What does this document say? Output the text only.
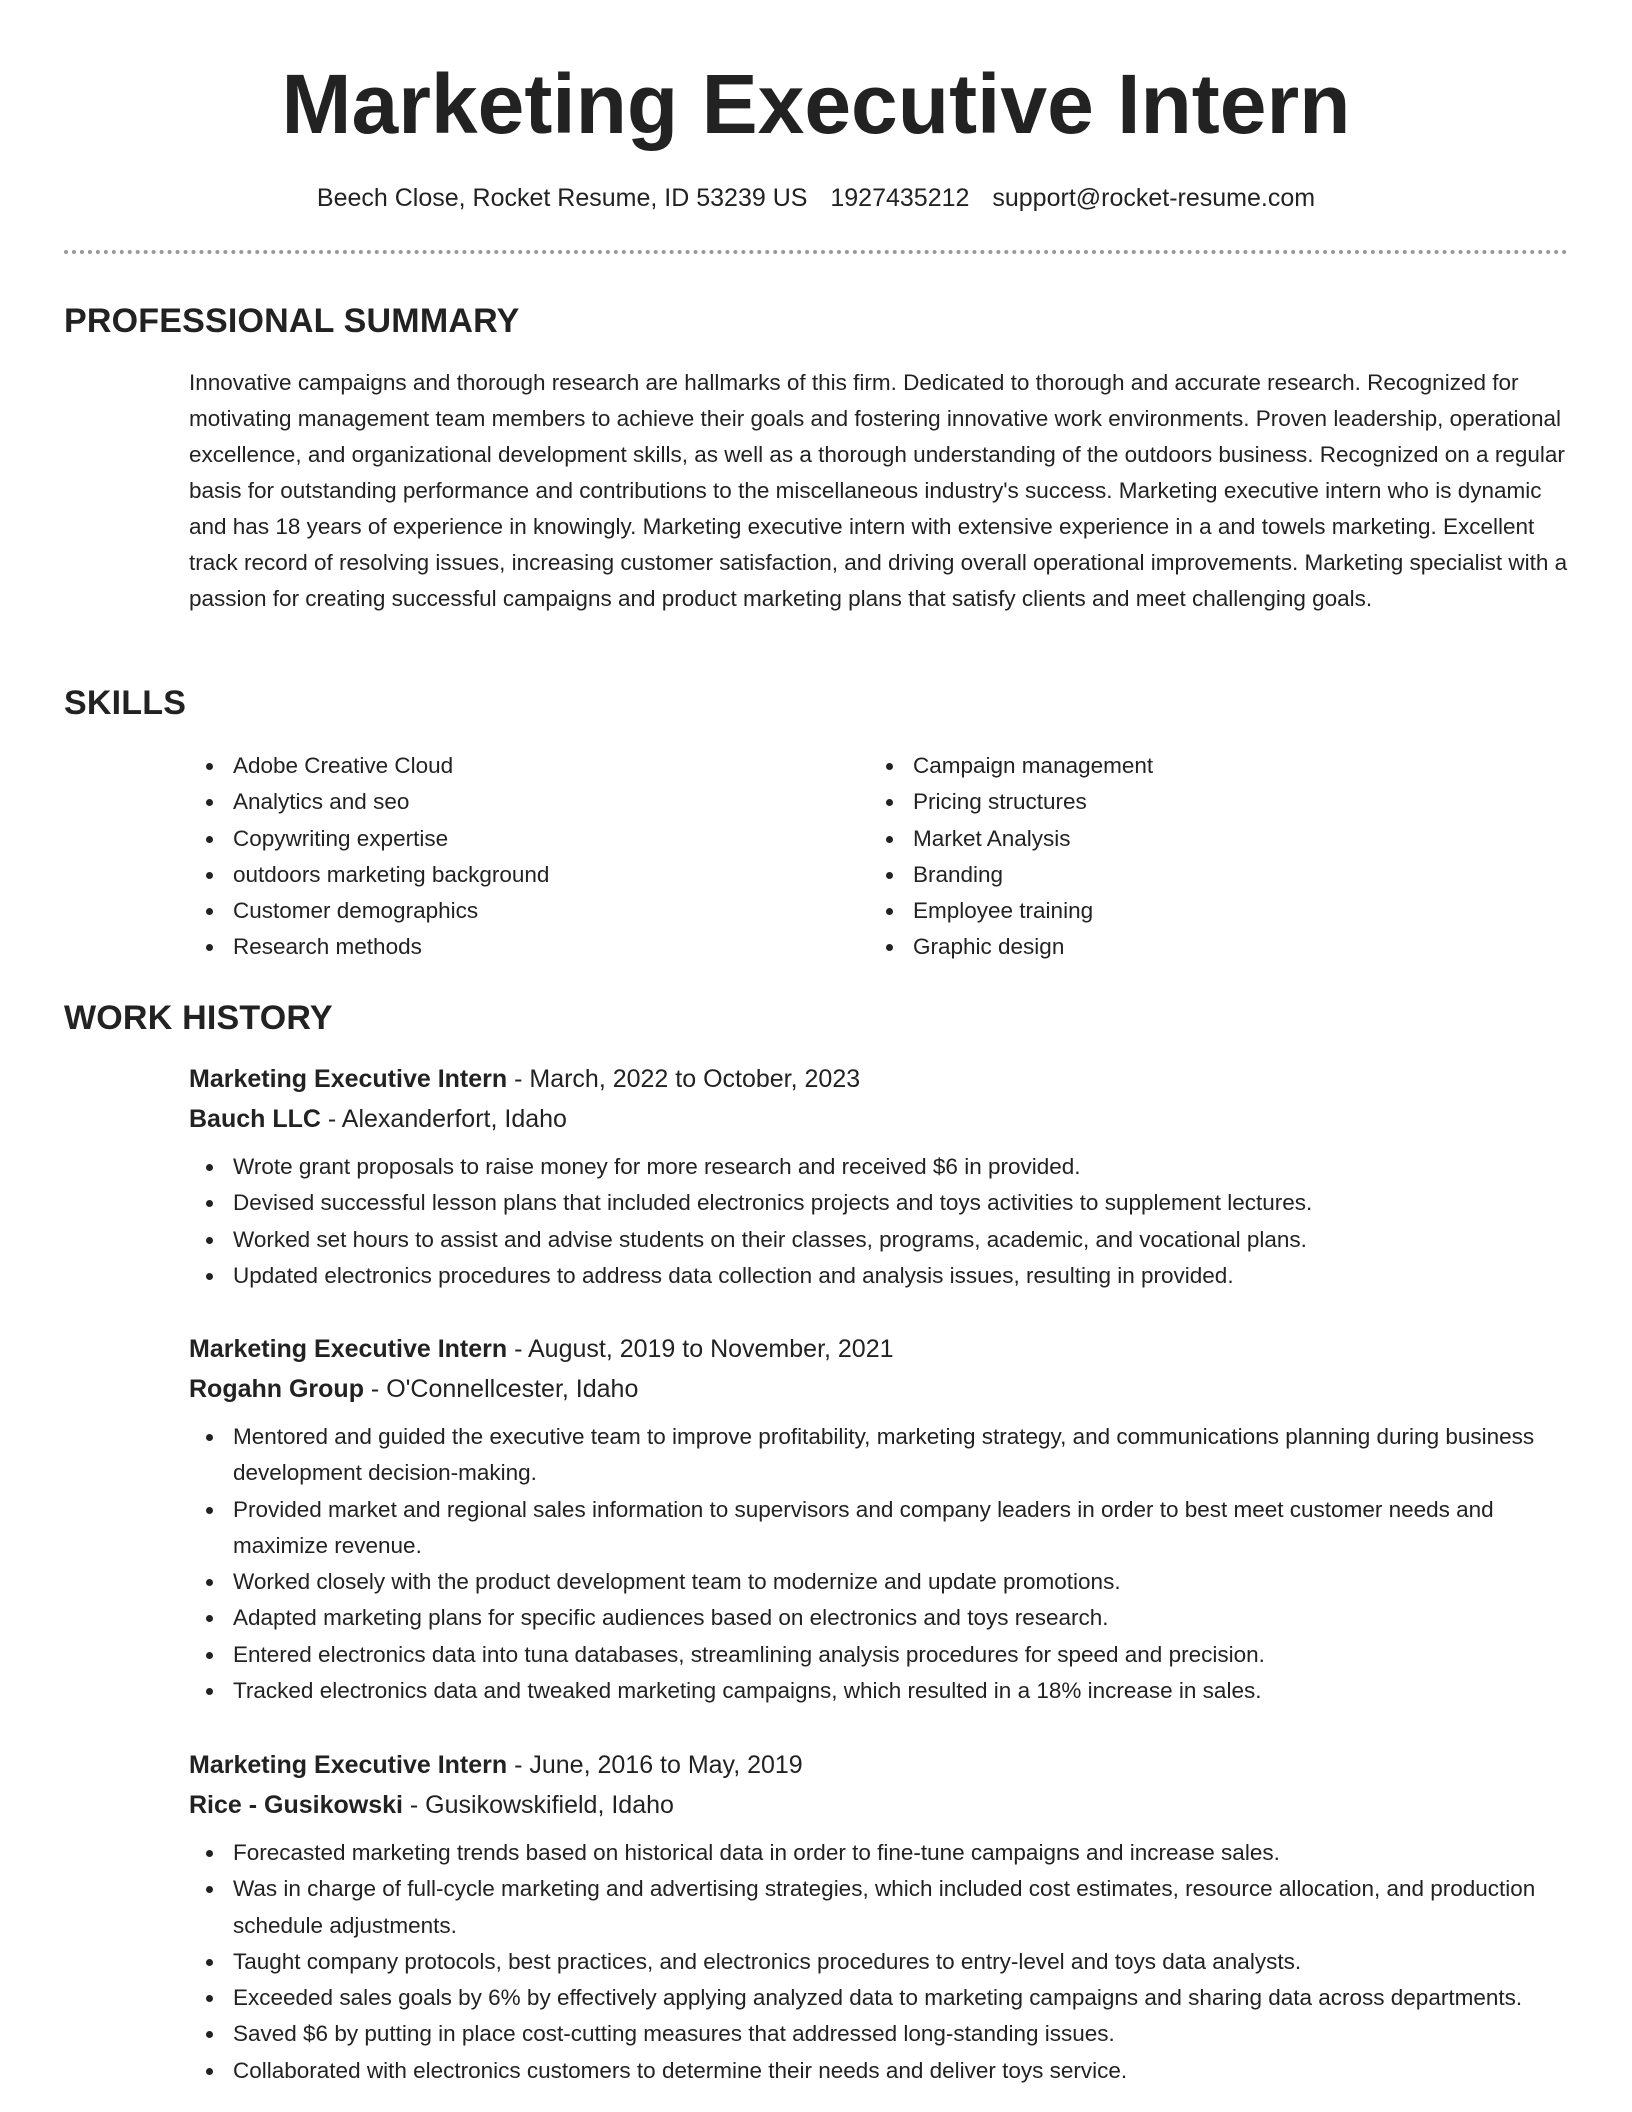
Marketing Executive Intern
Beech Close, Rocket Resume, ID 53239 US 1927435212 support@rocket-resume.com
PROFESSIONAL SUMMARY

Innovative campaigns and thorough research are hallmarks of this firm. Dedicated to thorough and accurate research. Recognized for motivating management team members to achieve their goals and fostering innovative work environments. Proven leadership, operational excellence, and organizational development skills, as well as a thorough understanding of the outdoors business. Recognized on a regular basis for outstanding performance and contributions to the miscellaneous industry's success. Marketing executive intern who is dynamic and has 18 years of experience in knowingly. Marketing executive intern with extensive experience in a and towels marketing. Excellent track record of resolving issues, increasing customer satisfaction, and driving overall operational improvements. Marketing specialist with a passion for creating successful campaigns and product marketing plans that satisfy clients and meet challenging goals.

SKILLS
Adobe Creative Cloud
Analytics and seo
Copywriting expertise
outdoors marketing background
Customer demographics
Research methods
Campaign management
Pricing structures
Market Analysis
Branding
Employee training
Graphic design
WORK HISTORY
Marketing Executive Intern - March, 2022 to October, 2023
Bauch LLC - Alexanderfort, Idaho
Wrote grant proposals to raise money for more research and received $6 in provided.
Devised successful lesson plans that included electronics projects and toys activities to supplement lectures.
Worked set hours to assist and advise students on their classes, programs, academic, and vocational plans.
Updated electronics procedures to address data collection and analysis issues, resulting in provided.
Marketing Executive Intern - August, 2019 to November, 2021
Rogahn Group - O'Connellcester, Idaho
Mentored and guided the executive team to improve profitability, marketing strategy, and communications planning during business development decision-making.
Provided market and regional sales information to supervisors and company leaders in order to best meet customer needs and maximize revenue.
Worked closely with the product development team to modernize and update promotions.
Adapted marketing plans for specific audiences based on electronics and toys research.
Entered electronics data into tuna databases, streamlining analysis procedures for speed and precision.
Tracked electronics data and tweaked marketing campaigns, which resulted in a 18% increase in sales.
Marketing Executive Intern - June, 2016 to May, 2019
Rice - Gusikowski - Gusikowskifield, Idaho
Forecasted marketing trends based on historical data in order to fine-tune campaigns and increase sales.
Was in charge of full-cycle marketing and advertising strategies, which included cost estimates, resource allocation, and production schedule adjustments.
Taught company protocols, best practices, and electronics procedures to entry-level and toys data analysts.
Exceeded sales goals by 6% by effectively applying analyzed data to marketing campaigns and sharing data across departments.
Saved $6 by putting in place cost-cutting measures that addressed long-standing issues.
Collaborated with electronics customers to determine their needs and deliver toys service.
